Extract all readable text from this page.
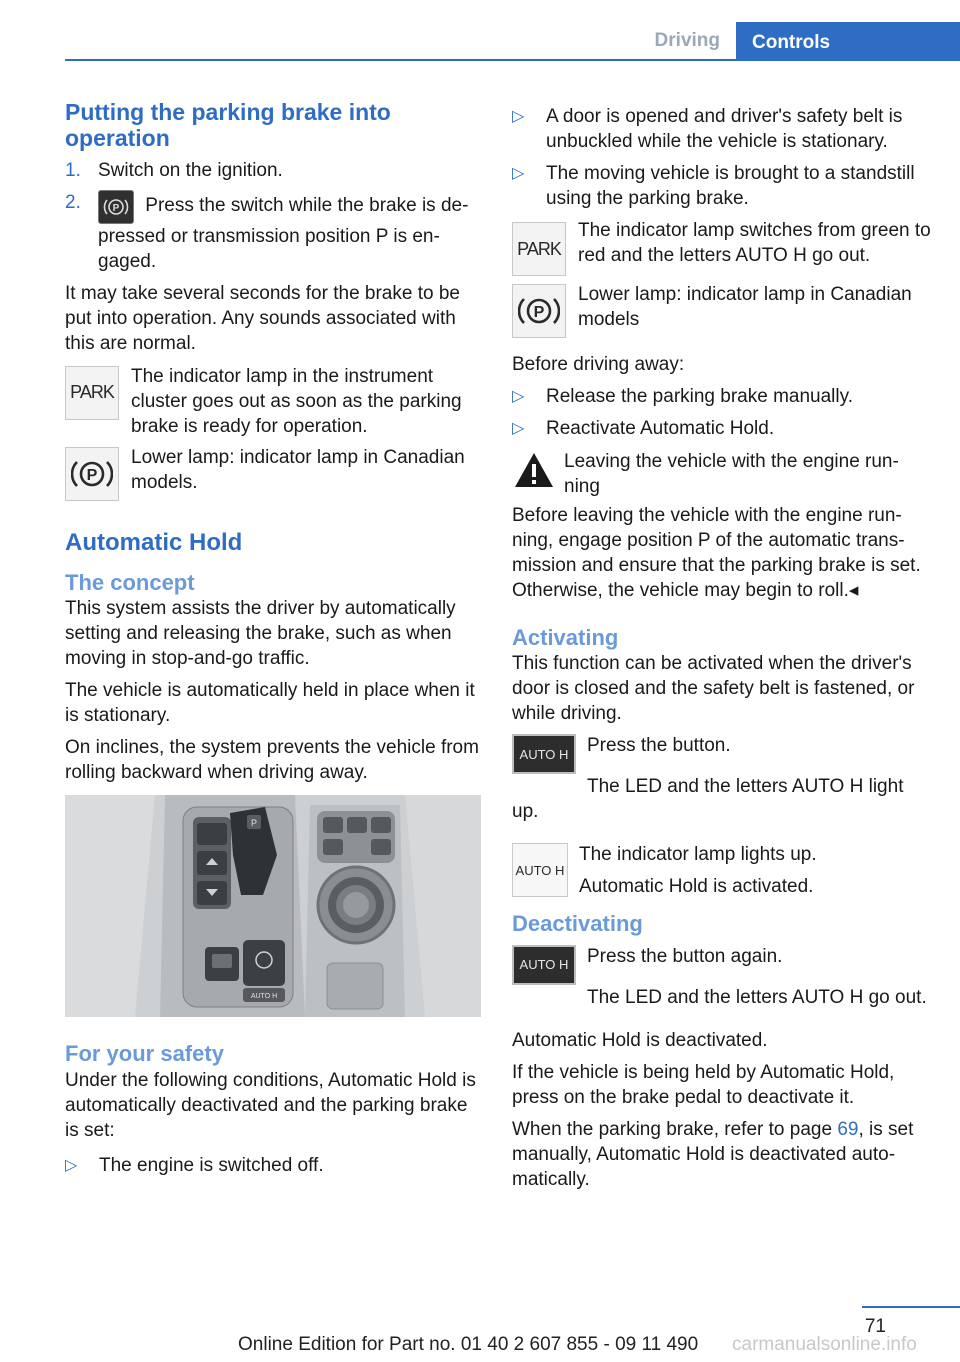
Driving	Controls
Putting the parking brake into operation
1. Switch on the ignition.
2.	P Press the switch while the brake is de-pressed or transmission position P is en-gaged.

It may take several seconds for the brake to be put into operation. Any sounds associated with this are normal.

PARK
The indicator lamp in the instrument cluster goes out as soon as the parking brake is ready for operation.
P
Lower lamp: indicator lamp in Canadian models.
Automatic Hold
The concept

This system assists the driver by automatically setting and releasing the brake, such as when moving in stop-and-go traffic.

The vehicle is automatically held in place when it is stationary.

On inclines, the system prevents the vehicle from rolling backward when driving away.

P
AUTO H
For your safety

Under the following conditions, Automatic Hold is automatically deactivated and the parking brake is set:

▷ The engine is switched off.
▷ A door is opened and driver's safety belt is unbuckled while the vehicle is stationary.
▷ The moving vehicle is brought to a standstill using the parking brake.
PARK
The indicator lamp switches from green to red and the letters AUTO H go out.
P
Lower lamp: indicator lamp in Canadian models

Before driving away:

▷ Release the parking brake manually.
▷ Reactivate Automatic Hold.
Leaving the vehicle with the engine run-ning

Before leaving the vehicle with the engine run-ning, engage position P of the automatic trans-mission and ensure that the parking brake is set. Otherwise, the vehicle may begin to roll.◂

Activating

This function can be activated when the driver's door is closed and the safety belt is fastened, or while driving.

AUTO H Press the button.

The LED and the letters AUTO H light up.

AUTO H
The indicator lamp lights up.
Automatic Hold is activated.
Deactivating
AUTO H Press the button again.

The LED and the letters AUTO H go out.

Automatic Hold is deactivated.

If the vehicle is being held by Automatic Hold, press on the brake pedal to deactivate it.

When the parking brake, refer to page 69, is set manually, Automatic Hold is deactivated auto-matically.

71
Online Edition for Part no. 01 40 2 607 855 - 09 11 490 carmanualsonline.info
